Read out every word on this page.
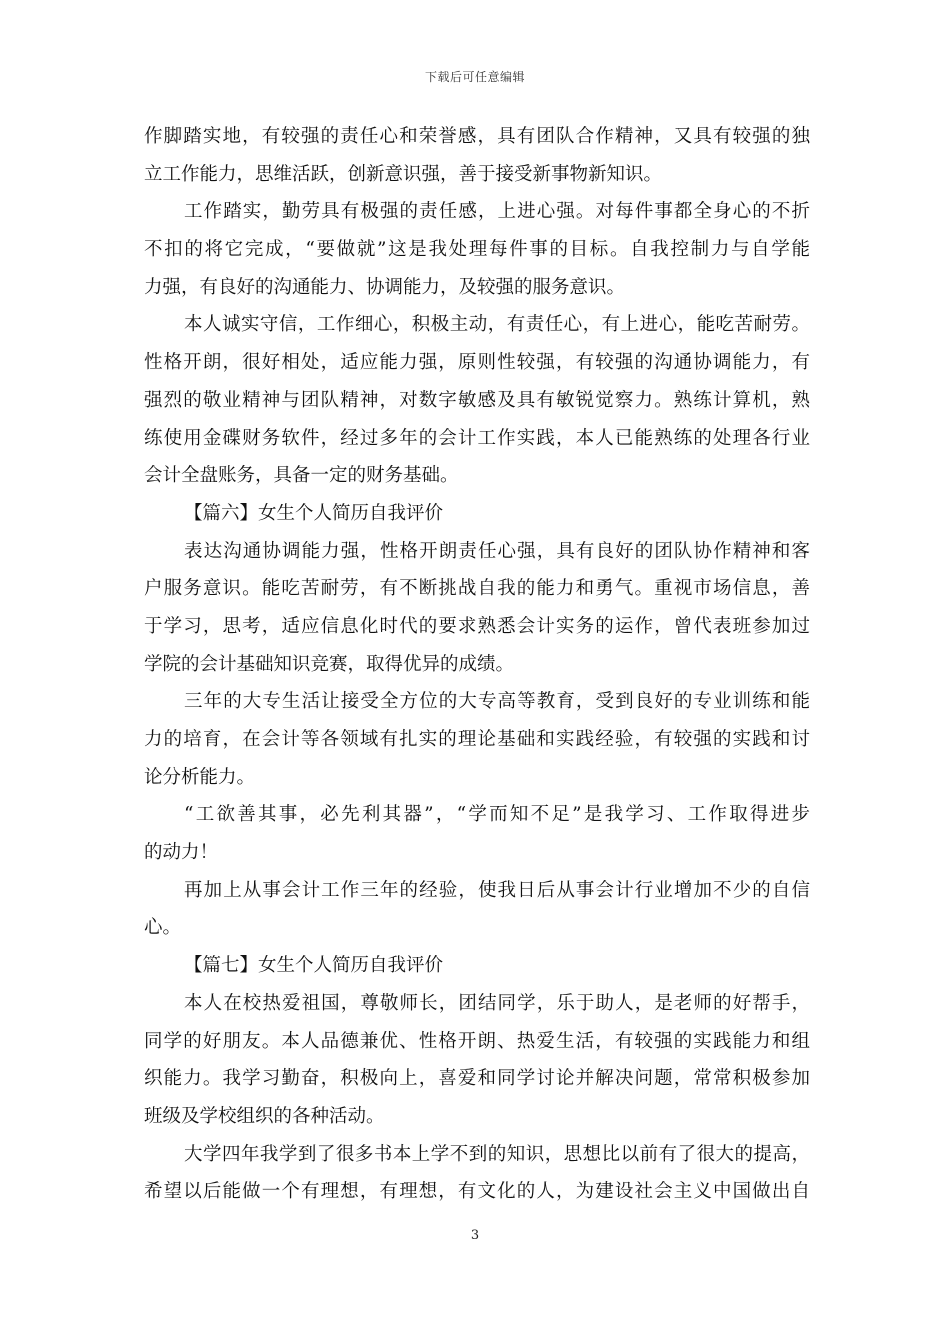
下载后可任意编辑
作脚踏实地，有较强的责任心和荣誉感，具有团队合作精神，又具有较强的独
立工作能力，思维活跃，创新意识强，善于接受新事物新知识。
工作踏实，勤劳具有极强的责任感，上进心强。对每件事都全身心的不折
不扣的将它完成，“要做就”这是我处理每件事的目标。自我控制力与自学能
力强，有良好的沟通能力、协调能力，及较强的服务意识。
本人诚实守信，工作细心，积极主动，有责任心，有上进心，能吃苦耐劳。
性格开朗，很好相处，适应能力强，原则性较强，有较强的沟通协调能力，有
强烈的敬业精神与团队精神，对数字敏感及具有敏锐觉察力。熟练计算机，熟
练使用金碟财务软件，经过多年的会计工作实践，本人已能熟练的处理各行业
会计全盘账务，具备一定的财务基础。
【篇六】女生个人简历自我评价
表达沟通协调能力强，性格开朗责任心强，具有良好的团队协作精神和客
户服务意识。能吃苦耐劳，有不断挑战自我的能力和勇气。重视市场信息，善
于学习，思考，适应信息化时代的要求熟悉会计实务的运作，曾代表班参加过
学院的会计基础知识竞赛，取得优异的成绩。
三年的大专生活让接受全方位的大专高等教育，受到良好的专业训练和能
力的培育，在会计等各领域有扎实的理论基础和实践经验，有较强的实践和讨
论分析能力。
“工欲善其事，必先利其器”，“学而知不足”是我学习、工作取得进步
的动力！
再加上从事会计工作三年的经验，使我日后从事会计行业增加不少的自信
心。
【篇七】女生个人简历自我评价
本人在校热爱祖国，尊敬师长，团结同学，乐于助人，是老师的好帮手，
同学的好朋友。本人品德兼优、性格开朗、热爱生活，有较强的实践能力和组
织能力。我学习勤奋，积极向上，喜爱和同学讨论并解决问题，常常积极参加
班级及学校组织的各种活动。
大学四年我学到了很多书本上学不到的知识，思想比以前有了很大的提高，
希望以后能做一个有理想，有理想，有文化的人，为建设社会主义中国做出自
3
